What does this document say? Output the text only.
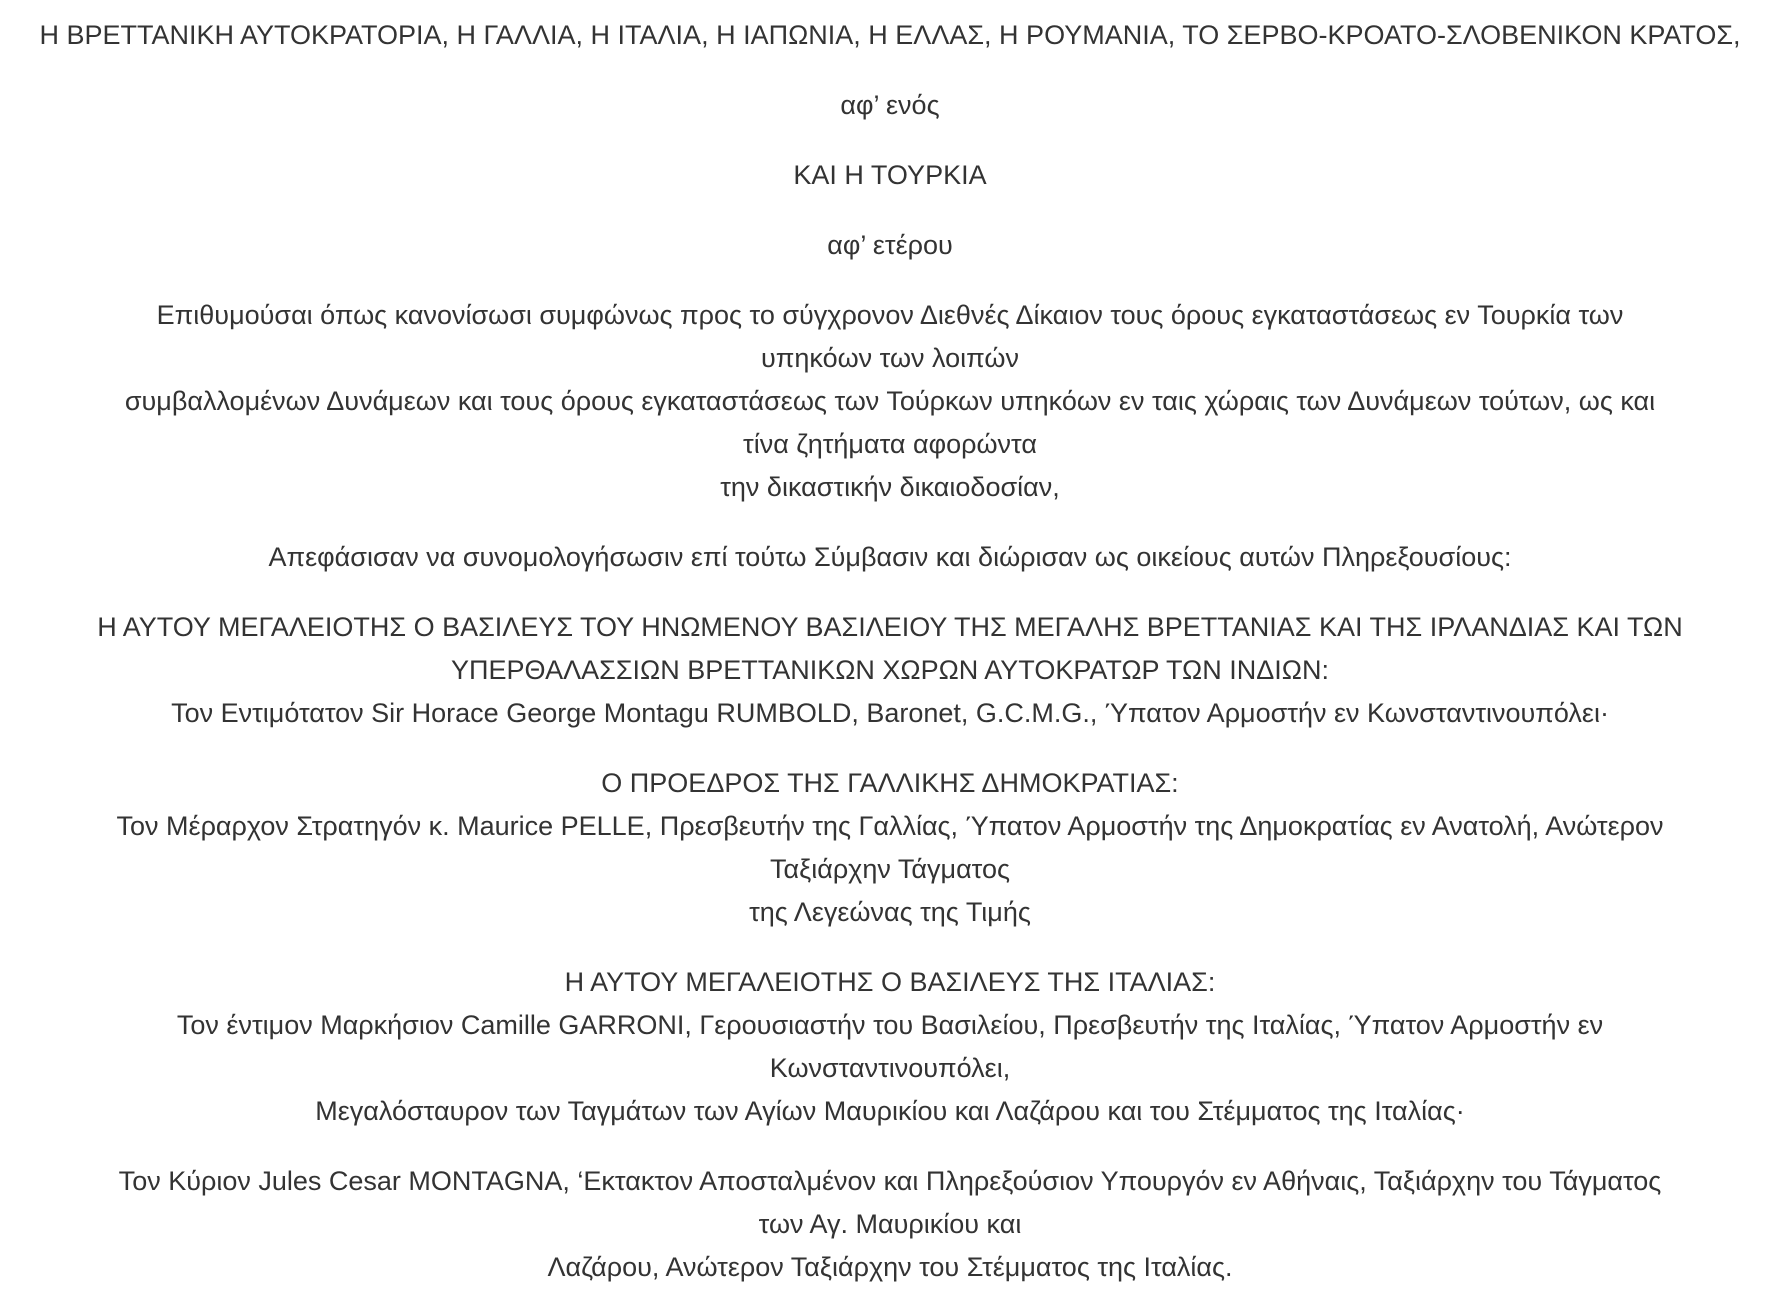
Η ΒΡΕΤΤΑΝΙΚΗ ΑΥΤΟΚΡΑΤΟΡΙΑ, Η ΓΑΛΛΙΑ, Η ΙΤΑΛΙΑ, Η ΙΑΠΩΝΙΑ, Η ΕΛΛΑΣ, Η ΡΟΥΜΑΝΙΑ, ΤΟ ΣΕΡΒΟ-ΚΡΟΑΤΟ-ΣΛΟΒΕΝΙΚΟΝ ΚΡΑΤΟΣ,

αφ’ ενός

ΚΑΙ Η ΤΟΥΡΚΙΑ

αφ’ ετέρου

Επιθυμούσαι όπως κανονίσωσι συμφώνως προς το σύγχρονον Διεθνές Δίκαιον τους όρους εγκαταστάσεως εν Τουρκία των
υπηκόων των λοιπών
συμβαλλομένων Δυνάμεων και τους όρους εγκαταστάσεως των Τούρκων υπηκόων εν ταις χώραις των Δυνάμεων τούτων, ως και
τίνα ζητήματα αφορώντα
την δικαστικήν δικαιοδοσίαν,

Απεφάσισαν να συνομολογήσωσιν επί τούτω Σύμβασιν και διώρισαν ως οικείους αυτών Πληρεξουσίους:

Η ΑΥΤΟΥ ΜΕΓΑΛΕΙΟΤΗΣ Ο ΒΑΣΙΛΕΥΣ ΤΟΥ ΗΝΩΜΕΝΟΥ ΒΑΣΙΛΕΙΟΥ ΤΗΣ ΜΕΓΑΛΗΣ ΒΡΕΤΤΑΝΙΑΣ ΚΑΙ ΤΗΣ ΙΡΛΑΝΔΙΑΣ ΚΑΙ ΤΩΝ
ΥΠΕΡΘΑΛΑΣΣΙΩΝ ΒΡΕΤΤΑΝΙΚΩΝ ΧΩΡΩΝ ΑΥΤΟΚΡΑΤΩΡ ΤΩΝ ΙΝΔΙΩΝ:
Τον Εντιμότατον Sir Horace George Montagu RUMBOLD, Baronet, G.C.M.G., Ύπατον Αρμοστήν εν Κωνσταντινουπόλει·

Ο ΠΡΟΕΔΡΟΣ ΤΗΣ ΓΑΛΛΙΚΗΣ ΔΗΜΟΚΡΑΤΙΑΣ:
Τον Μέραρχον Στρατηγόν κ. Maurice PELLE, Πρεσβευτήν της Γαλλίας, Ύπατον Αρμοστήν της Δημοκρατίας εν Ανατολή, Ανώτερον
Ταξιάρχην Τάγματος
της Λεγεώνας της Τιμής

Η ΑΥΤΟΥ ΜΕΓΑΛΕΙΟΤΗΣ Ο ΒΑΣΙΛΕΥΣ ΤΗΣ ΙΤΑΛΙΑΣ:
Τον έντιμον Μαρκήσιον Camille GARRONI, Γερουσιαστήν του Βασιλείου, Πρεσβευτήν της Ιταλίας, Ύπατον Αρμοστήν εν
Κωνσταντινουπόλει,
Μεγαλόσταυρον των Ταγμάτων των Αγίων Μαυρικίου και Λαζάρου και του Στέμματος της Ιταλίας·

Τον Κύριον Jules Cesar MONTAGNA, ‘Εκτακτον Αποσταλμένον και Πληρεξούσιον Υπουργόν εν Αθήναις, Ταξιάρχην του Τάγματος
των Αγ. Μαυρικίου και
Λαζάρου, Ανώτερον Ταξιάρχην του Στέμματος της Ιταλίας.
